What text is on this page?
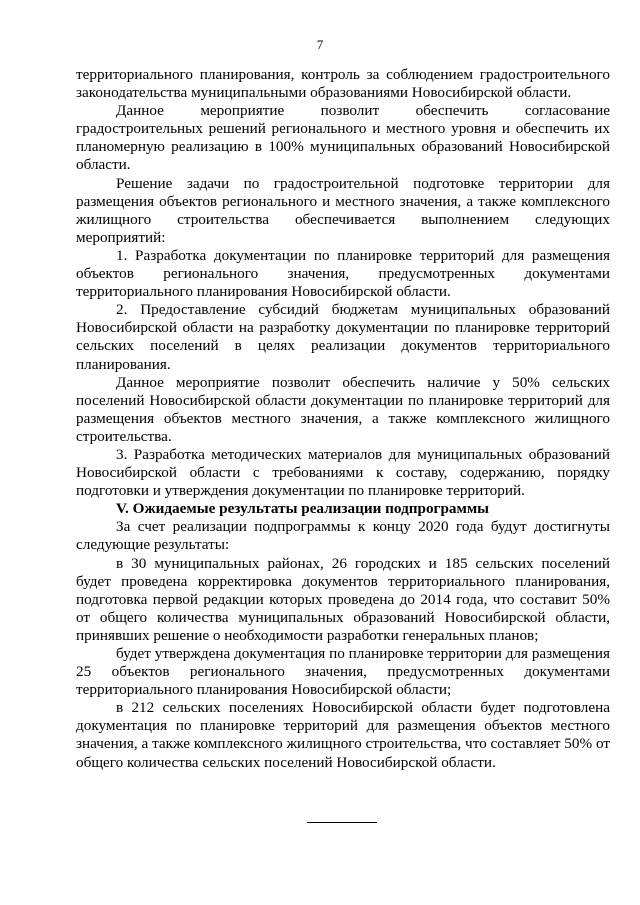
7

территориального планирования, контроль за соблюдением градостроительного законодательства муниципальными образованиями Новосибирской области.

Данное мероприятие позволит обеспечить согласование градостроительных решений регионального и местного уровня и обеспечить их планомерную реализацию в 100% муниципальных образований Новосибирской области.

Решение задачи по градостроительной подготовке территории для размещения объектов регионального и местного значения, а также комплексного жилищного строительства обеспечивается выполнением следующих мероприятий:

1. Разработка документации по планировке территорий для размещения объектов регионального значения, предусмотренных документами территориального планирования Новосибирской области.

2. Предоставление субсидий бюджетам муниципальных образований Новосибирской области на разработку документации по планировке территорий сельских поселений в целях реализации документов территориального планирования.

Данное мероприятие позволит обеспечить наличие у 50% сельских поселений Новосибирской области документации по планировке территорий для размещения объектов местного значения, а также комплексного жилищного строительства.

3. Разработка методических материалов для муниципальных образований Новосибирской области с требованиями к составу, содержанию, порядку подготовки и утверждения документации по планировке территорий.

V. Ожидаемые результаты реализации подпрограммы

За счет реализации подпрограммы к концу 2020 года будут достигнуты следующие результаты:

в 30 муниципальных районах, 26 городских и 185 сельских поселений будет проведена корректировка документов территориального планирования, подготовка первой редакции которых проведена до 2014 года, что составит 50% от общего количества муниципальных образований Новосибирской области, принявших решение о необходимости разработки генеральных планов;

будет утверждена документация по планировке территории для размещения 25 объектов регионального значения, предусмотренных документами территориального планирования Новосибирской области;

в 212 сельских поселениях Новосибирской области будет подготовлена документация по планировке территорий для размещения объектов местного значения, а также комплексного жилищного строительства, что составляет 50% от общего количества сельских поселений Новосибирской области.
